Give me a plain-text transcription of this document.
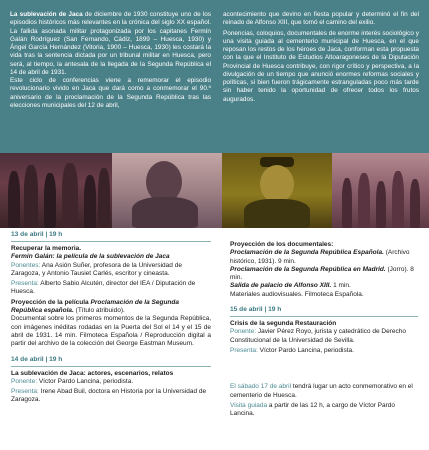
La sublevación de Jaca de diciembre de 1930 constituye uno de los episodios históricos más relevantes en la crónica del siglo XX español. La fallida asonada militar protagonizada por los capitanes Fermín Galán Rodríguez (San Fernando, Cádiz, 1899 – Huesca, 1930) y Ángel García Hernández (Vitoria, 1900 – Huesca, 1930) les costará la vida tras la sentencia dictada por un tribunal militar en Huesca, pero será, al tiempo, la antesala de la llegada de la Segunda República el 14 de abril de 1931.

Este ciclo de conferencias viene a rememorar el episodio revolucionario vivido en Jaca que dará como a conmemorar el 90.º aniversario de la proclamación de la Segunda República tras las elecciones municipales del 12 de abril,

acontecimiento que devino en fiesta popular y determinó el fin del reinado de Alfonso XIII, que tomó el camino del exilio.

Ponencias, coloquios, documentales de enorme interés sociológico y una visita guiada al cementerio municipal de Huesca, en el que reposan los restos de los héroes de Jaca, conforman esta propuesta con la que el Instituto de Estudios Altoaragoneses de la Diputación Provincial de Huesca contribuye, con rigor crítico y perspectiva, a la divulgación de un tiempo que anunció enormes reformas sociales y políticas, si bien fueron trágicamente estranguladas poco más tarde sin haber tenido la oportunidad de ofrecer todos los frutos augurados.

13 de abril | 19 h
Recuperar la memoria.
Fermín Galán: la película de la sublevación de Jaca
Ponentes: Ana Asión Suñer, profesora de la Universidad de Zaragoza, y Antonio Tausiet Carlés, escritor y cineasta.
Presenta: Alberto Sabio Alcutén, director del IEA / Diputación de Huesca.
Proyección de la película Proclamación de la Segunda República española. (Título atribuido).
Documental sobre los primeros momentos de la Segunda República, con imágenes inéditas rodadas en la Puerta del Sol el 14 y el 15 de abril de 1931. 14 min. Filmoteca Española / Reproducción digital a partir del archivo de la colección del George Eastman Museum.
14 de abril | 19 h
La sublevación de Jaca: actores, escenarios, relatos
Ponente: Víctor Pardo Lancina, periodista.
Presenta: Irene Abad Buil, doctora en Historia por la Universidad de Zaragoza.
Proyección de los documentales:
Proclamación de la Segunda República Española. (Archivo histórico, 1931). 9 min.
Proclamación de la Segunda República en Madrid. (Jorro). 8 min.
Salida de palacio de Alfonso XIII. 1 min.
Materiales audiovisuales. Filmoteca Española.
15 de abril | 19 h
Crisis de la segunda Restauración
Ponente: Javier Pérez Royo, jurista y catedrático de Derecho Constitucional de la Universidad de Sevilla.
Presenta: Víctor Pardo Lancina, periodista.
El sábado 17 de abril tendrá lugar un acto conmemorativo en el cementerio de Huesca.
Visita guiada a partir de las 12 h, a cargo de Víctor Pardo Lancina.
